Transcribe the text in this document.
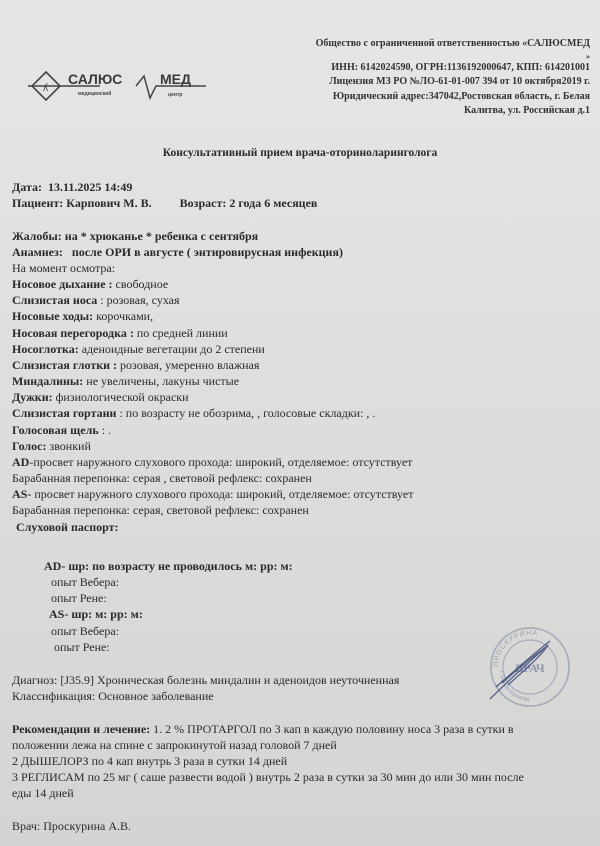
ʎ
САЛЮС	МЕД
медицинский	центр
Общество с ограниченной ответственностью «САЛЮСМЕД
»
ИНН: 6142024590, ОГРН:1136192000647, КПП: 614201001
Лицензия МЗ РО №ЛО-61-01-007 394 от 10 октября2019 г.
Юридический адрес:347042,Ростовская область, г. Белая
Калитва, ул. Российская д.1
Консультативный прием врача-оториноларинголога
Дата: 13.11.2025 14:49
Пациент: Карпович М. В. Возраст: 2 года 6 месяцев
Жалобы: на * хрюканье * ребенка с сентября
Анамнез: после ОРИ в августе ( энтировирусная инфекция)
На момент осмотра:
Носовое дыхание : свободное
Слизистая носа : розовая, сухая
Носовые ходы: корочками,
Носовая перегородка : по средней линии
Носоглотка: аденоидные вегетации до 2 степени
Слизистая глотки : розовая, умеренно влажная
Миндалины: не увеличены, лакуны чистые
Дужки: физиологической окраски
Слизистая гортани : по возрасту не обозрима, , голосовые складки: , .
Голосовая щель : .
Голос: звонкий
AD-просвет наружного слухового прохода: широкий, отделяемое: отсутствует
Барабанная перепонка: серая , световой рефлекс: сохранен
AS- просвет наружного слухового прохода: широкий, отделяемое: отсутствует
Барабанная перепонка: серая, световой рефлекс: сохранен
Слуховой паспорт:
AD- шр: по возрасту не проводилось м: рр: м:
опыт Вебера:
опыт Рене:
AS- шр: м: рр: м:
опыт Вебера:
опыт Рене:
Диагноз: [J35.9] Хроническая болезнь миндалин и аденоидов неуточненная
Классификация: Основное заболевание
Рекомендации и лечение: 1. 2 % ПРОТАРГОЛ по 3 кап в каждую половину носа 3 раза в сутки в
положении лежа на спине с запрокинутой назад головой 7 дней
2 ДЫШЕЛОРЗ по 4 кап внутрь 3 раза в сутки 14 дней
3 РЕГЛИСАМ по 25 мг ( саше развести водой ) внутрь 2 раза в сутки за 30 мин до или 30 мин после
еды 14 дней
Врач: Проскурина А.В.
ПРОСКУРИНА
г. Белая Калитва
ВРАЧ
